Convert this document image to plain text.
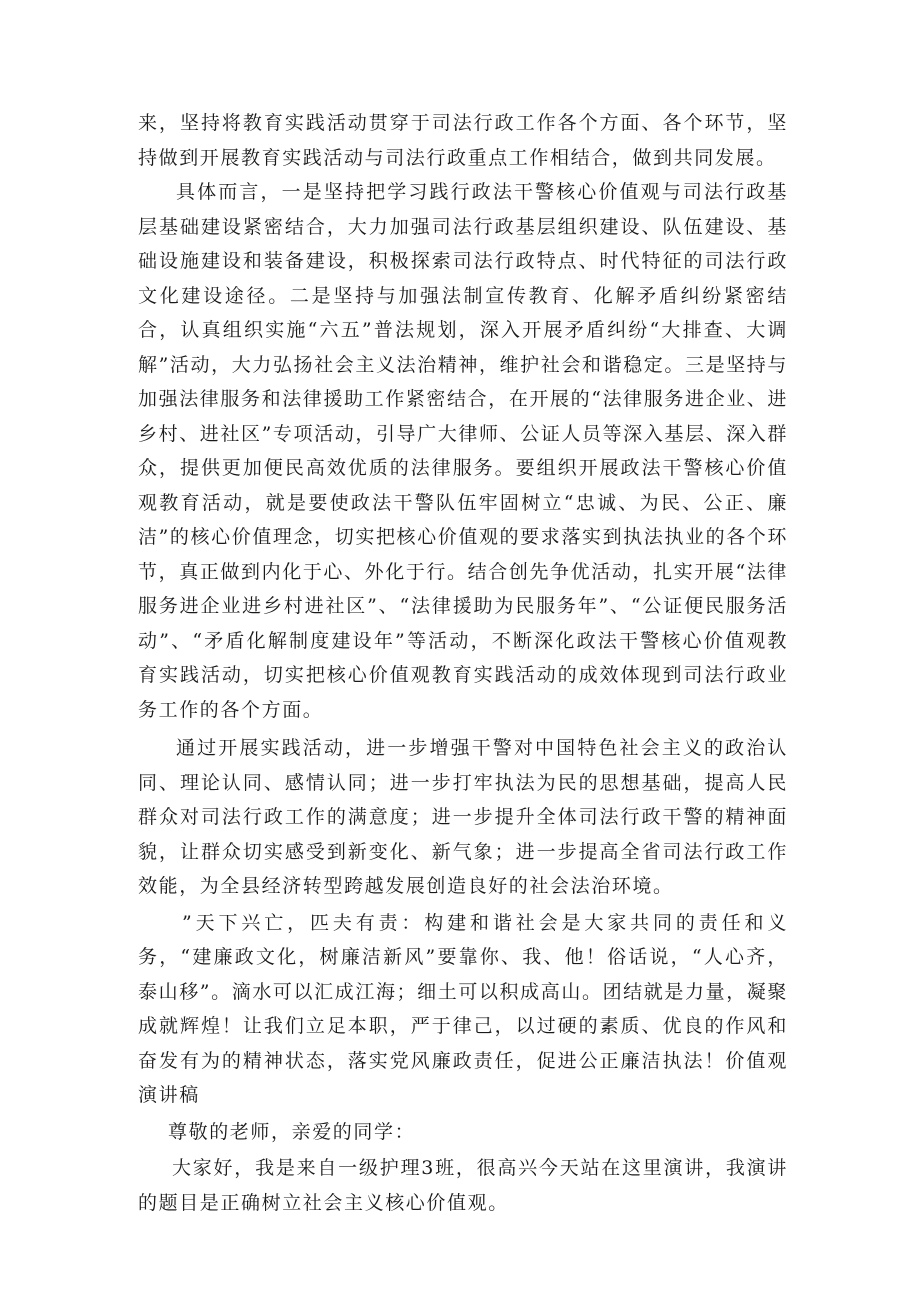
来，坚持将教育实践活动贯穿于司法行政工作各个方面、各个环节，坚持做到开展教育实践活动与司法行政重点工作相结合，做到共同发展。

具体而言，一是坚持把学习践行政法干警核心价值观与司法行政基层基础建设紧密结合，大力加强司法行政基层组织建设、队伍建设、基础设施建设和装备建设，积极探索司法行政特点、时代特征的司法行政文化建设途径。二是坚持与加强法制宣传教育、化解矛盾纠纷紧密结合，认真组织实施“六五”普法规划，深入开展矛盾纠纷“大排查、大调解”活动，大力弘扬社会主义法治精神，维护社会和谐稳定。三是坚持与加强法律服务和法律援助工作紧密结合，在开展的“法律服务进企业、进乡村、进社区”专项活动，引导广大律师、公证人员等深入基层、深入群众，提供更加便民高效优质的法律服务。要组织开展政法干警核心价值观教育活动，就是要使政法干警队伍牢固树立“忠诚、为民、公正、廉洁”的核心价值理念，切实把核心价值观的要求落实到执法执业的各个环节，真正做到内化于心、外化于行。结合创先争优活动，扎实开展“法律服务进企业进乡村进社区”、“法律援助为民服务年”、“公证便民服务活动”、“矛盾化解制度建设年”等活动，不断深化政法干警核心价值观教育实践活动，切实把核心价值观教育实践活动的成效体现到司法行政业务工作的各个方面。

通过开展实践活动，进一步增强干警对中国特色社会主义的政治认同、理论认同、感情认同；进一步打牢执法为民的思想基础，提高人民群众对司法行政工作的满意度；进一步提升全体司法行政干警的精神面貌，让群众切实感受到新变化、新气象；进一步提高全省司法行政工作效能，为全县经济转型跨越发展创造良好的社会法治环境。

”天下兴亡，匹夫有责：构建和谐社会是大家共同的责任和义务，“建廉政文化，树廉洁新风”要靠你、我、他！俗话说，“人心齐，泰山移”。滴水可以汇成江海；细土可以积成高山。团结就是力量，凝聚成就辉煌！让我们立足本职，严于律己，以过硬的素质、优良的作风和奋发有为的精神状态，落实党风廉政责任，促进公正廉洁执法！价值观演讲稿

尊敬的老师，亲爱的同学：

大家好，我是来自一级护理3班，很高兴今天站在这里演讲，我演讲的题目是正确树立社会主义核心价值观。
